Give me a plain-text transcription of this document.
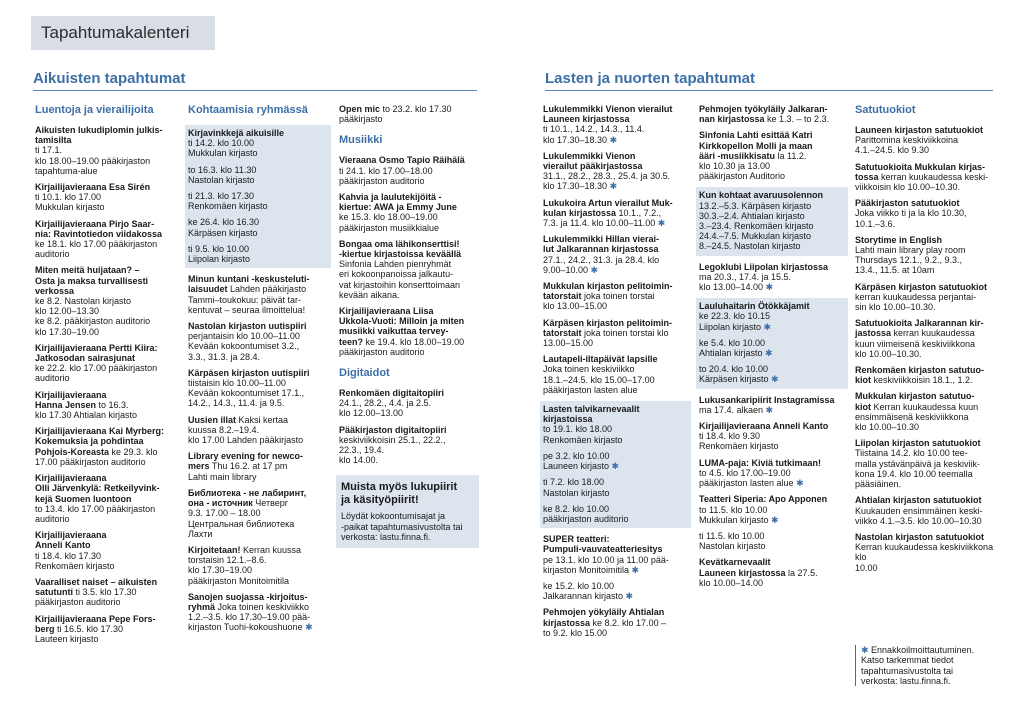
Tapahtumakalenteri
Aikuisten tapahtumat	Lasten ja nuorten tapahtumat
Luentoja ja vierailijoita
Aikuisten lukudiplomin julkis-
tamisilta
ti 17.1.
klo 18.00–19.00 pääkirjaston
tapahtuma-alue
Kirjailijavieraana Esa Sirén
ti 10.1. klo 17.00
Mukkulan kirjasto
Kirjailijavieraana Pirjo Saar-
nia: Ravintotiedon viidakossa
ke 18.1. klo 17.00 pääkirjaston
auditorio
Miten meitä huijataan? –
Osta ja maksa turvallisesti
verkossa
ke 8.2. Nastolan kirjasto
klo 12.00–13.30
ke 8.2. pääkirjaston auditorio
klo 17.30–19.00
Kirjailijavieraana Pertti Kiira:
Jatkosodan sairasjunat
ke 22.2. klo 17.00 pääkirjaston
auditorio
Kirjailijavieraana
Hanna Jensen to 16.3.
klo 17.30 Ahtialan kirjasto
Kirjailijavieraana Kai Myrberg:
Kokemuksia ja pohdintaa
Pohjois-Koreasta ke 29.3. klo
17.00 pääkirjaston auditorio
Kirjailijavieraana
Olli Järvenkylä: Retkeilyvink-
kejä Suomen luontoon
to 13.4. klo 17.00 pääkirjaston
auditorio
Kirjailijavieraana
Anneli Kanto
ti 18.4. klo 17.30
Renkomäen kirjasto
Vaaralliset naiset – aikuisten
satutunti ti 3.5. klo 17.30
pääkirjaston auditorio
Kirjailijavieraana Pepe Fors-
berg ti 16.5. klo 17.30
Lauteen kirjasto
Kohtaamisia ryhmässä
Kirjavinkkejä aikuisille
ti 14.2. klo 10.00
Mukkulan kirjasto
to 16.3. klo 11.30
Nastolan kirjasto
ti 21.3. klo 17.30
Renkomäen kirjasto
ke 26.4. klo 16.30
Kärpäsen kirjasto
ti 9.5. klo 10.00
Liipolan kirjasto
Minun kuntani -keskusteluti-
laisuudet Lahden pääkirjasto
Tammi–toukokuu: päivät tar-
kentuvat – seuraa ilmoittelua!
Nastolan kirjaston uutispiiri
perjantaisin klo 10.00–11.00
Kevään kokoontumiset 3.2.,
3.3., 31.3. ja 28.4.
Kärpäsen kirjaston uutispiiri
tiistaisin klo 10.00–11.00
Kevään kokoontumiset 17.1.,
14.2., 14.3., 11.4. ja 9.5.
Uusien illat Kaksi kertaa
kuussa 8.2.–19.4.
klo 17.00 Lahden pääkirjasto
Library evening for newco-
mers Thu 16.2. at 17 pm
Lahti main library
Библиотека - не лабиринт,
она - источник Четверг
9.3. 17.00 – 18.00
Центральная библиотека
Лахти
Kirjoitetaan! Kerran kuussa
torstaisin 12.1.–8.6.
klo 17.30–19.00
pääkirjaston Monitoimitila
Sanojen suojassa -kirjoitus-
ryhmä Joka toinen keskiviikko
1.2.–3.5. klo 17.30–19.00 pää-
kirjaston Tuohi-kokoushuone ✱
Open mic to 23.2. klo 17.30
pääkirjasto
Musiikki
Vieraana Osmo Tapio Räihälä
ti 24.1. klo 17.00–18.00
pääkirjaston auditorio
Kahvia ja laulutekijöitä -
kiertue: AWA ja Emmy June
ke 15.3. klo 18.00–19.00
pääkirjaston musiikkialue
Bongaa oma lähikonserttisi!
-kiertue kirjastoissa keväällä
Sinfonia Lahden pienryhmät
eri kokoonpanoissa jalkautu-
vat kirjastoihin konserttoimaan
kevään aikana.
Kirjailijavieraana Liisa
Ukkola-Vuoti: Milloin ja miten
musiikki vaikuttaa tervey-
teen? ke 19.4. klo 18.00–19.00
pääkirjaston auditorio
Digitaidot
Renkomäen digitaitopiiri
24.1., 28.2., 4.4. ja 2.5.
klo 12.00–13.00
Pääkirjaston digitaitopiiri
keskiviikkoisin 25.1., 22.2.,
22.3., 19.4.
klo 14.00.
Muista myös lukupiirit
ja käsityöpiirit!
Löydät kokoontumisajat ja
-paikat tapahtumasivustolta tai
verkosta: lastu.finna.fi.
Lukulemmikki Vienon vierailut
Launeen kirjastossa
ti 10.1., 14.2., 14.3., 11.4.
klo 17.30–18.30 ✱
Lukulemmikki Vienon
vierailut pääkirjastossa
31.1., 28.2., 28.3., 25.4. ja 30.5.
klo 17.30–18.30 ✱
Lukukoira Artun vierailut Muk-
kulan kirjastossa 10.1., 7.2.,
7.3. ja 11.4. klo 10.00–11.00 ✱
Lukulemmikki Hillan vierai-
lut Jalkarannan kirjastossa
27.1., 24.2., 31.3. ja 28.4. klo
9.00–10.00 ✱
Mukkulan kirjaston pelitoimin-
tatorstait joka toinen torstai
klo 13.00–15.00
Kärpäsen kirjaston pelitoimin-
tatorstait joka toinen torstai klo
13.00–15.00
Lautapeli-iltapäivät lapsille
Joka toinen keskiviikko
18.1.–24.5. klo 15.00–17.00
pääkirjaston lasten alue
Lasten talvikarnevaalit
kirjastoissa
to 19.1. klo 18.00
Renkomäen kirjasto
pe 3.2. klo 10.00
Launeen kirjasto ✱
ti 7.2. klo 18.00
Nastolan kirjasto
ke 8.2. klo 10.00
pääkirjaston auditorio
SUPER teatteri:
Pumpuli-vauvateatteriesitys
pe 13.1. klo 10.00 ja 11.00 pää-
kirjaston Monitoimitila ✱
ke 15.2. klo 10.00
Jalkarannan kirjasto ✱
Pehmojen yökyläily Ahtialan
kirjastossa ke 8.2. klo 17.00 –
to 9.2. klo 15.00
Pehmojen työkyläily Jalkaran-
nan kirjastossa ke 1.3. – to 2.3.
Sinfonia Lahti esittää Katri
Kirkkopellon Molli ja maan
ääri -musiikkisatu la 11.2.
klo 10.30 ja 13.00
pääkirjaston Auditorio
Kun kohtaat avaruusolennon
13.2.–5.3. Kärpäsen kirjasto
30.3.–2.4. Ahtialan kirjasto
3.–23.4. Renkomäen kirjasto
24.4.–7.5. Mukkulan kirjasto
8.–24.5. Nastolan kirjasto
Legoklubi Liipolan kirjastossa
ma 20.3., 17.4. ja 15.5.
klo 13.00–14.00 ✱
Lauluhaitarin Ötökkäjamit
ke 22.3. klo 10.15
Liipolan kirjasto ✱
ke 5.4. klo 10.00
Ahtialan kirjasto ✱
to 20.4. klo 10.00
Kärpäsen kirjasto ✱
Lukusankaripiirit Instagramissa
ma 17.4. alkaen ✱
Kirjailijavieraana Anneli Kanto
ti 18.4. klo 9.30
Renkomäen kirjasto
LUMA-paja: Kiviä tutkimaan!
to 4.5. klo 17.00–19.00
pääkirjaston lasten alue ✱
Teatteri Siperia: Apo Apponen
to 11.5. klo 10.00
Mukkulan kirjasto ✱
ti 11.5. klo 10.00
Nastolan kirjasto
Kevätkarnevaalit
Launeen kirjastossa la 27.5.
klo 10.00–14.00
Satutuokiot
Launeen kirjaston satutuokiot
Parittomina keskiviikkoina
4.1.–24.5. klo 9.30
Satutuokioita Mukkulan kirjas-
tossa kerran kuukaudessa keski-
viikkoisin klo 10.00–10.30.
Pääkirjaston satutuokiot
Joka viikko ti ja la klo 10.30,
10.1.–3.6.
Storytime in English
Lahti main library play room
Thursdays 12.1., 9.2., 9.3.,
13.4., 11.5. at 10am
Kärpäsen kirjaston satutuokiot
kerran kuukaudessa perjantai-
sin klo 10.00–10.30.
Satutuokioita Jalkarannan kir-
jastossa kerran kuukaudessa
kuun viimeisenä keskiviikkona
klo 10.00–10.30.
Renkomäen kirjaston satutuo-
kiot keskiviikkoisin 18.1., 1.2.
Mukkulan kirjaston satutuo-
kiot Kerran kuukaudessa kuun
ensimmäisenä keskiviikkona
klo 10.00–10.30
Liipolan kirjaston satutuokiot
Tiistaina 14.2. klo 10.00 tee-
malla ystävänpäivä ja keskiviik-
kona 19.4. klo 10.00 teemalla
pääsiäinen.
Ahtialan kirjaston satutuokiot
Kuukauden ensimmäinen keski-
viikko 4.1.–3.5. klo 10.00–10.30
Nastolan kirjaston satutuokiot
Kerran kuukaudessa keskiviikkona klo
10.00
✱ Ennakkoilmoittautuminen.
Katso tarkemmat tiedot
tapahtumasivustolta tai
verkosta: lastu.finna.fi.
